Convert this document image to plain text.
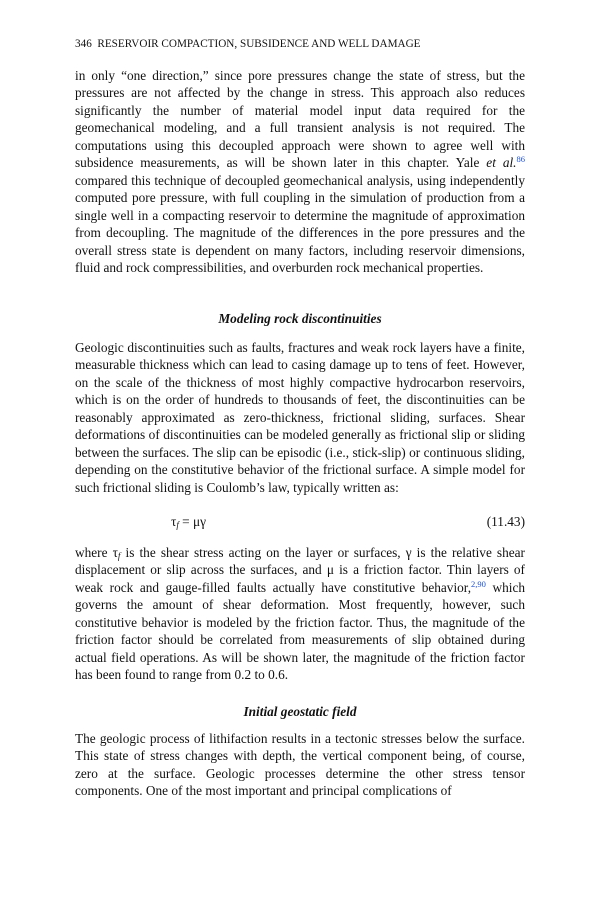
346 RESERVOIR COMPACTION, SUBSIDENCE AND WELL DAMAGE

in only “one direction,” since pore pressures change the state of stress, but the pressures are not affected by the change in stress. This approach also reduces significantly the number of material model input data required for the geomechanical modeling, and a full transient analysis is not required. The computations using this decoupled approach were shown to agree well with subsidence measurements, as will be shown later in this chapter. Yale et al.$^{86}$ compared this technique of decoupled geomechanical analysis, using independently computed pore pressure, with full coupling in the simulation of production from a single well in a compacting reservoir to determine the magnitude of approximation from decoupling. The magnitude of the differences in the pore pressures and the overall stress state is dependent on many factors, including reservoir dimensions, fluid and rock compressibilities, and overburden rock mechanical properties.

Modeling rock discontinuities

Geologic discontinuities such as faults, fractures and weak rock layers have a finite, measurable thickness which can lead to casing damage up to tens of feet. However, on the scale of the thickness of most highly compactive hydrocarbon reservoirs, which is on the order of hundreds to thousands of feet, the discontinuities can be reasonably approximated as zero-thickness, frictional sliding, surfaces. Shear deformations of discontinuities can be modeled generally as frictional slip or sliding between the surfaces. The slip can be episodic (i.e., stick-slip) or continuous sliding, depending on the constitutive behavior of the frictional surface. A simple model for such frictional sliding is Coulomb’s law, typically written as:

$\tau_f = \mu\gamma$	(11.43)

where $\tau_f$ is the shear stress acting on the layer or surfaces, γ is the relative shear displacement or slip across the surfaces, and μ is a friction factor. Thin layers of weak rock and gauge-filled faults actually have constitutive behavior,$^{2,90}$ which governs the amount of shear deformation. Most frequently, however, such constitutive behavior is modeled by the friction factor. Thus, the magnitude of the friction factor should be correlated from measurements of slip obtained during actual field operations. As will be shown later, the magnitude of the friction factor has been found to range from 0.2 to 0.6.

Initial geostatic field

The geologic process of lithifaction results in a tectonic stresses below the surface. This state of stress changes with depth, the vertical component being, of course, zero at the surface. Geologic processes determine the other stress tensor components. One of the most important and principal complications of
